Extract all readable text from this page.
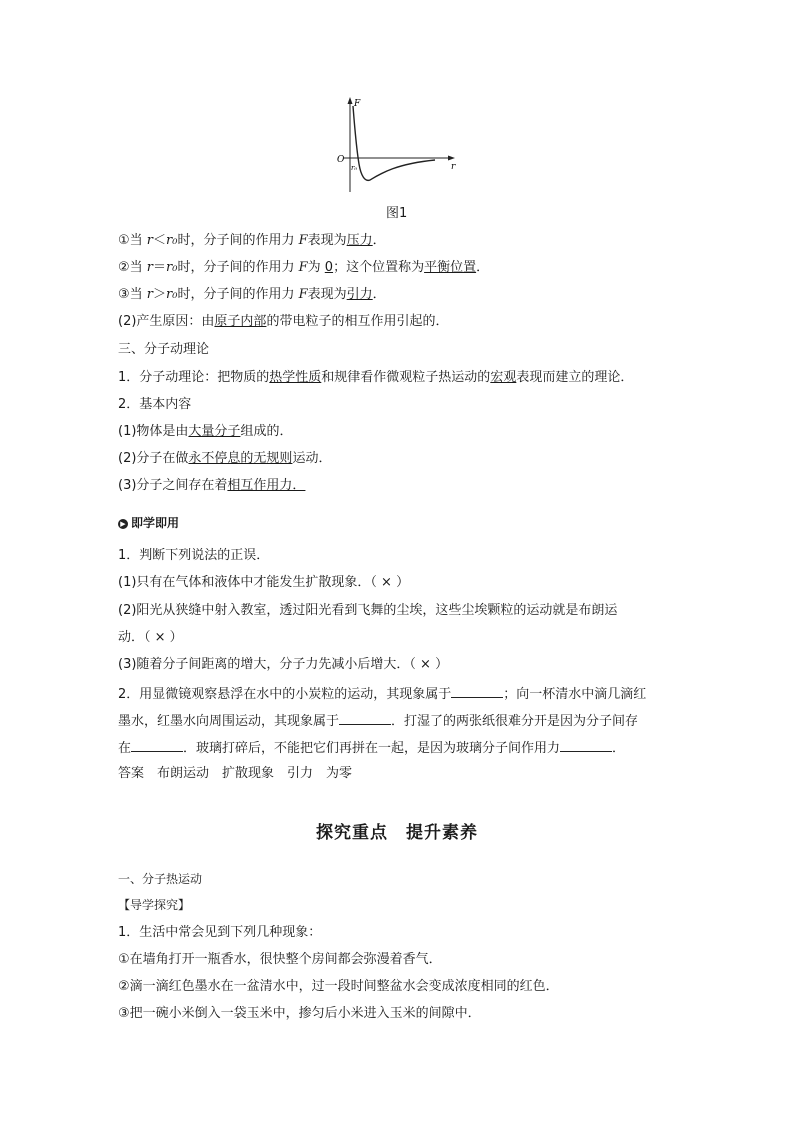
F
r
O
r₀
图1
①当 r＜r₀时，分子间的作用力 F表现为压力．
②当 r＝r₀时，分子间的作用力 F为 0；这个位置称为平衡位置．
③当 r＞r₀时，分子间的作用力 F表现为引力．
(2)产生原因：由原子内部的带电粒子的相互作用引起的．
三、分子动理论
1．分子动理论：把物质的热学性质和规律看作微观粒子热运动的宏观表现而建立的理论．
2．基本内容
(1)物体是由大量分子组成的．
(2)分子在做永不停息的无规则运动．
(3)分子之间存在着相互作用力．
▶ 即学即用
1．判断下列说法的正误．
(1)只有在气体和液体中才能发生扩散现象．（ × ）
(2)阳光从狭缝中射入教室，透过阳光看到飞舞的尘埃，这些尘埃颗粒的运动就是布朗运
动．（ × ）
(3)随着分子间距离的增大，分子力先减小后增大．（ × ）
2．用显微镜观察悬浮在水中的小炭粒的运动，其现象属于	；向一杯清水中滴几滴红
墨水，红墨水向周围运动，其现象属于	．打湿了的两张纸很难分开是因为分子间存
在	．玻璃打碎后，不能把它们再拼在一起，是因为玻璃分子间作用力	．
答案　布朗运动　扩散现象　引力　为零
探究重点　提升素养
一、分子热运动
【导学探究】
1．生活中常会见到下列几种现象：
①在墙角打开一瓶香水，很快整个房间都会弥漫着香气．
②滴一滴红色墨水在一盆清水中，过一段时间整盆水会变成浓度相同的红色．
③把一碗小米倒入一袋玉米中，掺匀后小米进入玉米的间隙中．
